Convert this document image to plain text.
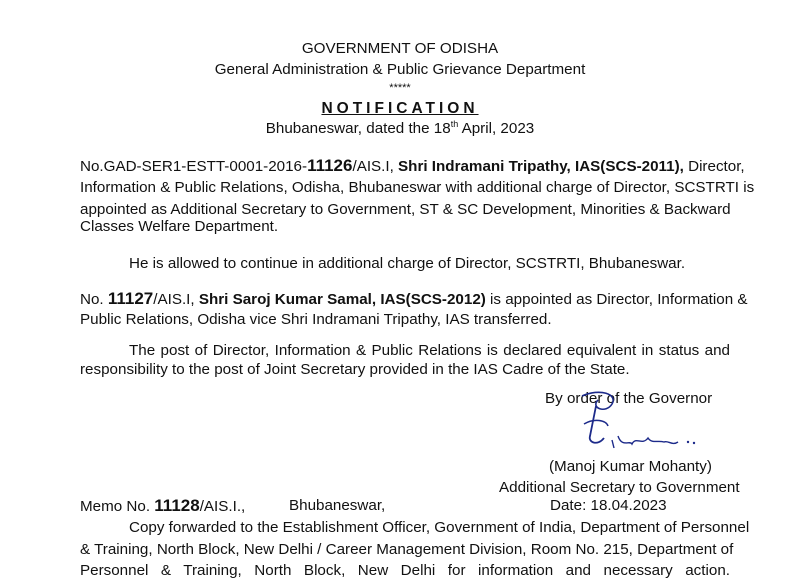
GOVERNMENT OF ODISHA
General Administration & Public Grievance Department
*****
NOTIFICATION
Bhubaneswar, dated the 18th April, 2023
No.GAD-SER1-ESTT-0001-2016-11126/AIS.I, Shri Indramani Tripathy, IAS(SCS-2011), Director,
Information & Public Relations, Odisha, Bhubaneswar with additional charge of Director, SCSTRTI is
appointed as Additional Secretary to Government, ST & SC Development, Minorities & Backward
Classes Welfare Department.
He is allowed to continue in additional charge of Director, SCSTRTI, Bhubaneswar.
No. 11127/AIS.I, Shri Saroj Kumar Samal, IAS(SCS-2012) is appointed as Director, Information &
Public Relations, Odisha vice Shri Indramani Tripathy, IAS transferred.
The post of Director, Information & Public Relations is declared equivalent in status and
responsibility to the post of Joint Secretary provided in the IAS Cadre of the State.
By order of the Governor
(Manoj Kumar Mohanty)
Additional Secretary to Government
Memo No. 11128/AIS.I.,	Bhubaneswar,	Date: 18.04.2023
Copy forwarded to the Establishment Officer, Government of India, Department of Personnel
& Training, North Block, New Delhi / Career Management Division, Room No. 215, Department of
Personnel & Training, North Block, New Delhi for information and necessary action.
